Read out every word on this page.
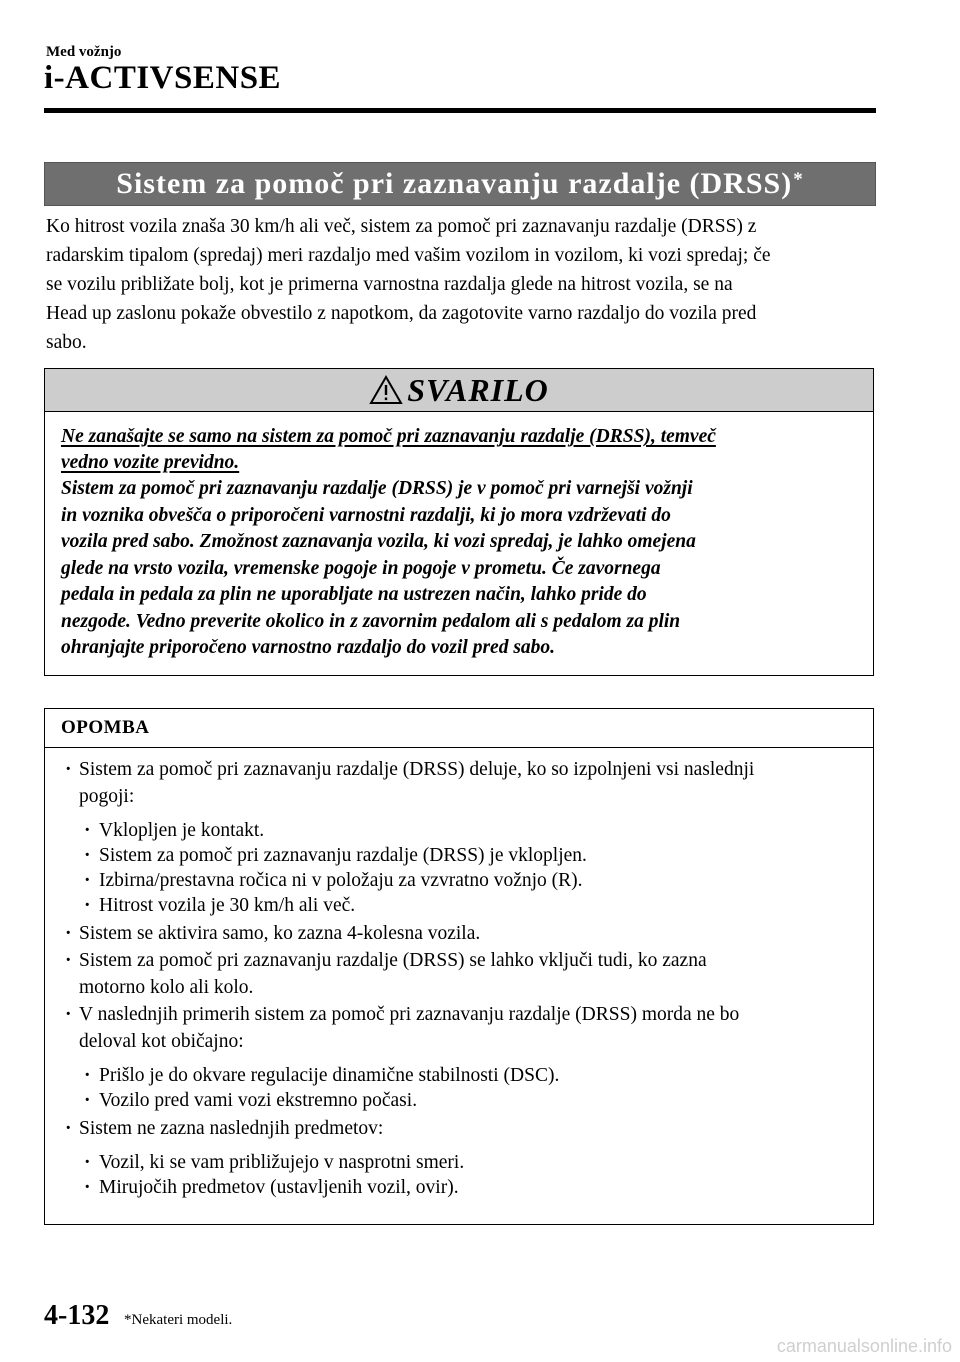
Med vožnjo
i-ACTIVSENSE
Sistem za pomoč pri zaznavanju razdalje (DRSS)*
Ko hitrost vozila znaša 30 km/h ali več, sistem za pomoč pri zaznavanju razdalje (DRSS) z
radarskim tipalom (spredaj) meri razdaljo med vašim vozilom in vozilom, ki vozi spredaj; če
se vozilu približate bolj, kot je primerna varnostna razdalja glede na hitrost vozila, se na
Head up zaslonu pokaže obvestilo z napotkom, da zagotovite varno razdaljo do vozila pred
sabo.
SVARILO

Ne zanašajte se samo na sistem za pomoč pri zaznavanju razdalje (DRSS), temveč

vedno vozite previdno.

Sistem za pomoč pri zaznavanju razdalje (DRSS) je v pomoč pri varnejši vožnji

in voznika obvešča o priporočeni varnostni razdalji, ki jo mora vzdrževati do

vozila pred sabo. Zmožnost zaznavanja vozila, ki vozi spredaj, je lahko omejena

glede na vrsto vozila, vremenske pogoje in pogoje v prometu. Če zavornega

pedala in pedala za plin ne uporabljate na ustrezen način, lahko pride do

nezgode. Vedno preverite okolico in z zavornim pedalom ali s pedalom za plin

ohranjajte priporočeno varnostno razdaljo do vozil pred sabo.

OPOMBA
· Sistem za pomoč pri zaznavanju razdalje (DRSS) deluje, ko so izpolnjeni vsi naslednji
pogoji:
· Vklopljen je kontakt.
· Sistem za pomoč pri zaznavanju razdalje (DRSS) je vklopljen.
· Izbirna/prestavna ročica ni v položaju za vzvratno vožnjo (R).
· Hitrost vozila je 30 km/h ali več.
· Sistem se aktivira samo, ko zazna 4-kolesna vozila.
· Sistem za pomoč pri zaznavanju razdalje (DRSS) se lahko vključi tudi, ko zazna
motorno kolo ali kolo.
· V naslednjih primerih sistem za pomoč pri zaznavanju razdalje (DRSS) morda ne bo
deloval kot običajno:
· Prišlo je do okvare regulacije dinamične stabilnosti (DSC).
· Vozilo pred vami vozi ekstremno počasi.
· Sistem ne zazna naslednjih predmetov:
· Vozil, ki se vam približujejo v nasprotni smeri.
· Mirujočih predmetov (ustavljenih vozil, ovir).
4-132 *Nekateri modeli.
carmanualsonline.info
